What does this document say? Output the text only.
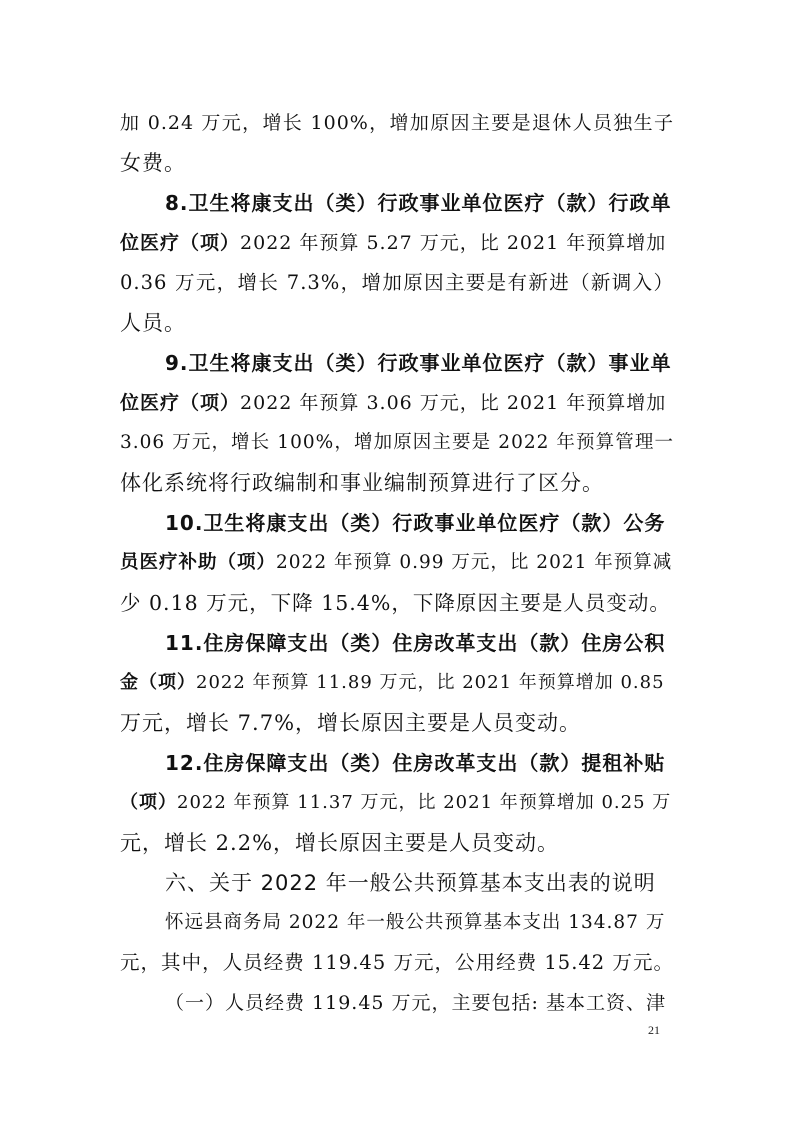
加 0.24 万元，增长 100%，增加原因主要是退休人员独生子
女费。
8.卫生将康支出（类）行政事业单位医疗（款）行政单
位医疗（项）2022 年预算 5.27 万元，比 2021 年预算增加
0.36 万元，增长 7.3%，增加原因主要是有新进（新调入）
人员。
9.卫生将康支出（类）行政事业单位医疗（款）事业单
位医疗（项）2022 年预算 3.06 万元，比 2021 年预算增加
3.06 万元，增长 100%，增加原因主要是 2022 年预算管理一
体化系统将行政编制和事业编制预算进行了区分。
10.卫生将康支出（类）行政事业单位医疗（款）公务
员医疗补助（项）2022 年预算 0.99 万元，比 2021 年预算减
少 0.18 万元，下降 15.4%，下降原因主要是人员变动。
11.住房保障支出（类）住房改革支出（款）住房公积
金（项）2022 年预算 11.89 万元，比 2021 年预算增加 0.85
万元，增长 7.7%，增长原因主要是人员变动。
12.住房保障支出（类）住房改革支出（款）提租补贴
（项）2022 年预算 11.37 万元，比 2021 年预算增加 0.25 万
元，增长 2.2%，增长原因主要是人员变动。
六、关于 2022 年一般公共预算基本支出表的说明
怀远县商务局 2022 年一般公共预算基本支出 134.87 万
元，其中，人员经费 119.45 万元，公用经费 15.42 万元。
（一）人员经费 119.45 万元，主要包括: 基本工资、津
21
